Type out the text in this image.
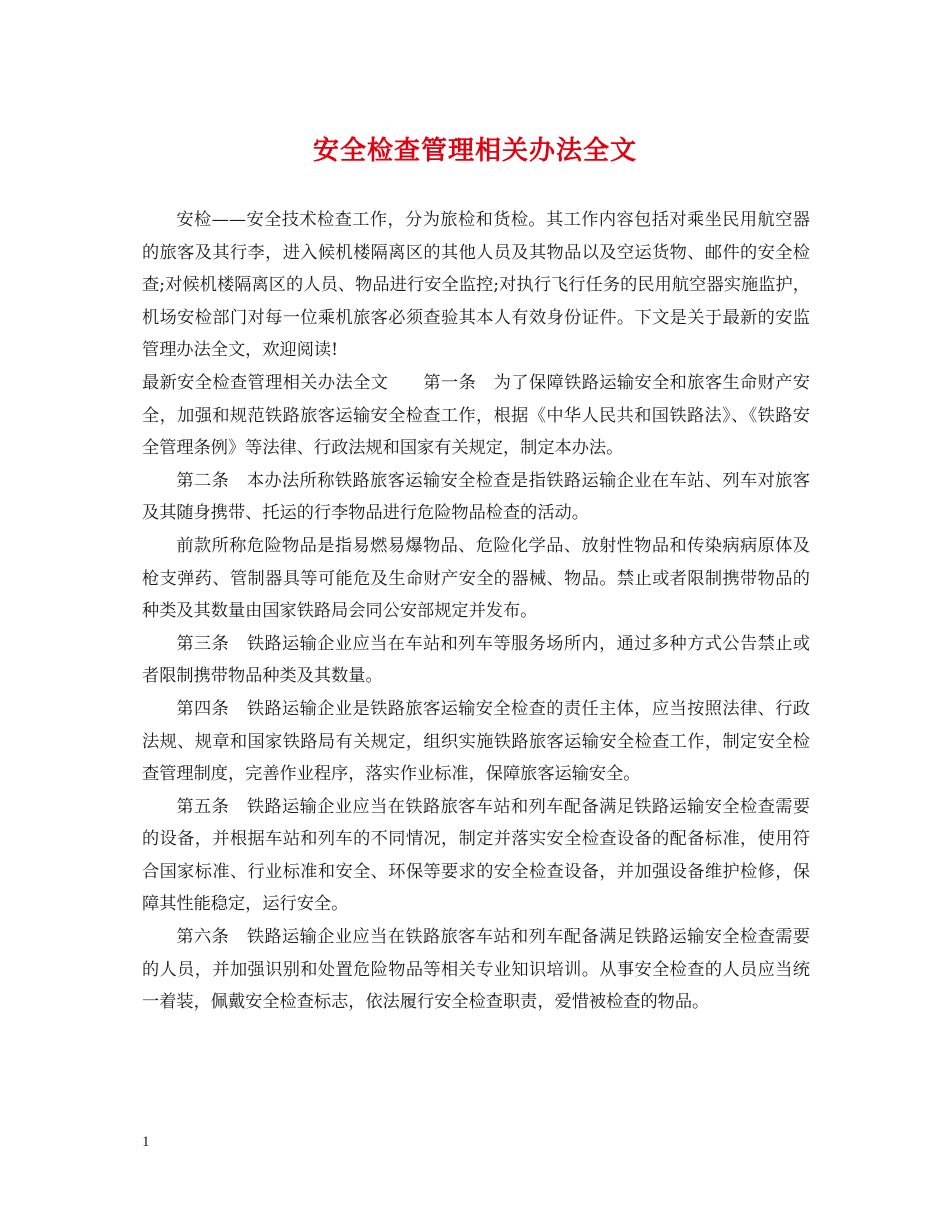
安全检查管理相关办法全文

安检——安全技术检查工作，分为旅检和货检。其工作内容包括对乘坐民用航空器的旅客及其行李，进入候机楼隔离区的其他人员及其物品以及空运货物、邮件的安全检查;对候机楼隔离区的人员、物品进行安全监控;对执行飞行任务的民用航空器实施监护，机场安检部门对每一位乘机旅客必须查验其本人有效身份证件。下文是关于最新的安监管理办法全文，欢迎阅读!

最新安全检查管理相关办法全文　　第一条　为了保障铁路运输安全和旅客生命财产安全，加强和规范铁路旅客运输安全检查工作，根据《中华人民共和国铁路法》、《铁路安全管理条例》等法律、行政法规和国家有关规定，制定本办法。

第二条　本办法所称铁路旅客运输安全检查是指铁路运输企业在车站、列车对旅客及其随身携带、托运的行李物品进行危险物品检查的活动。

前款所称危险物品是指易燃易爆物品、危险化学品、放射性物品和传染病病原体及枪支弹药、管制器具等可能危及生命财产安全的器械、物品。禁止或者限制携带物品的种类及其数量由国家铁路局会同公安部规定并发布。

第三条　铁路运输企业应当在车站和列车等服务场所内，通过多种方式公告禁止或者限制携带物品种类及其数量。

第四条　铁路运输企业是铁路旅客运输安全检查的责任主体，应当按照法律、行政法规、规章和国家铁路局有关规定，组织实施铁路旅客运输安全检查工作，制定安全检查管理制度，完善作业程序，落实作业标准，保障旅客运输安全。

第五条　铁路运输企业应当在铁路旅客车站和列车配备满足铁路运输安全检查需要的设备，并根据车站和列车的不同情况，制定并落实安全检查设备的配备标准，使用符合国家标准、行业标准和安全、环保等要求的安全检查设备，并加强设备维护检修，保障其性能稳定，运行安全。

第六条　铁路运输企业应当在铁路旅客车站和列车配备满足铁路运输安全检查需要的人员，并加强识别和处置危险物品等相关专业知识培训。从事安全检查的人员应当统一着装，佩戴安全检查标志，依法履行安全检查职责，爱惜被检查的物品。

1
